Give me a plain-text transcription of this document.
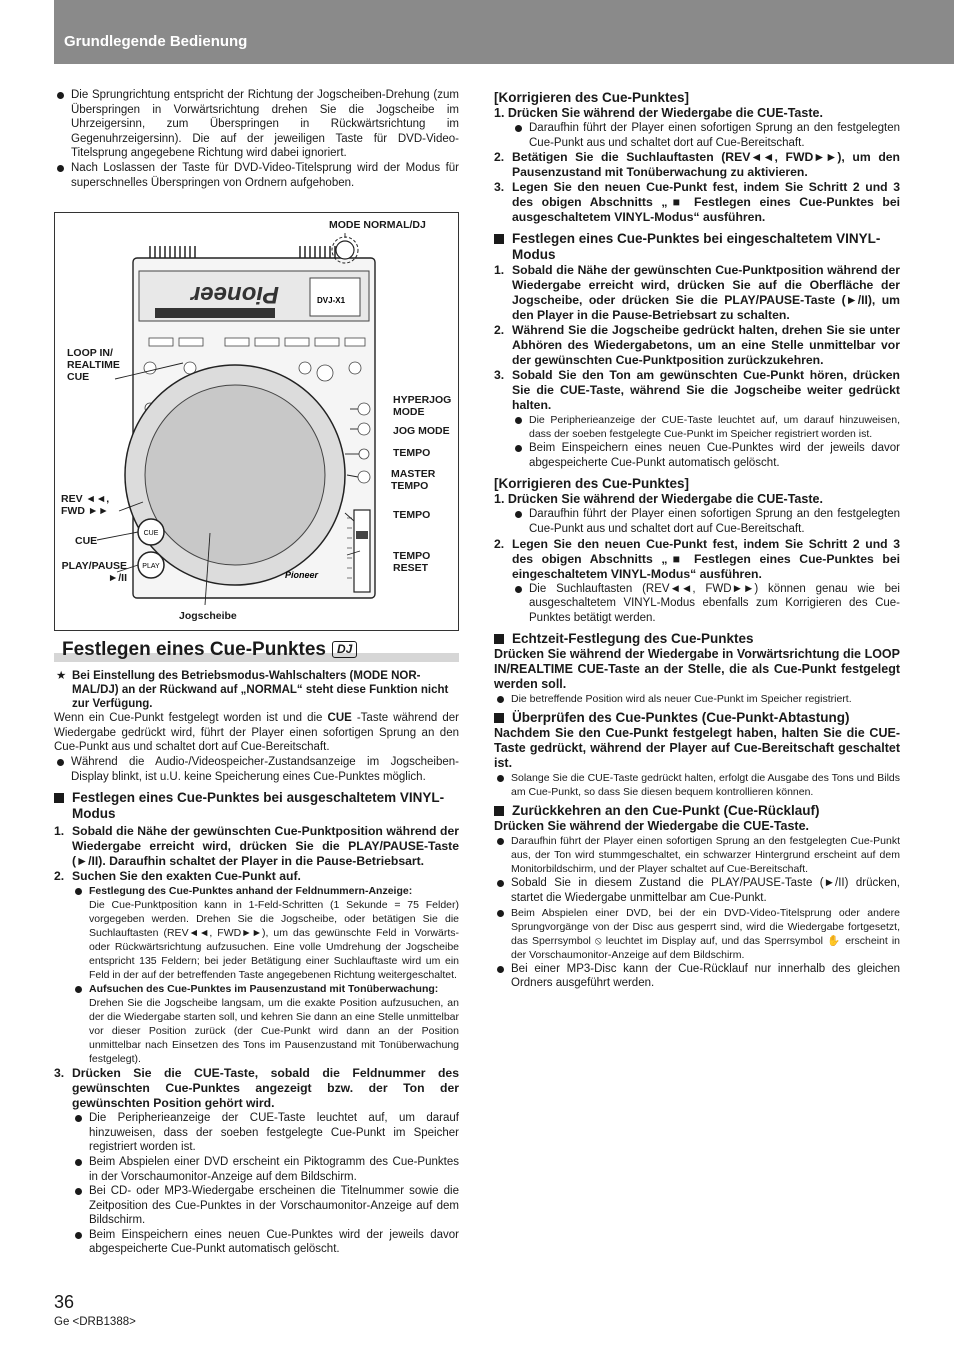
Grundlegende Bedienung

Die Sprungrichtung entspricht der Richtung der Jogscheiben-Drehung (zum Überspringen in Vorwärtsrichtung drehen Sie die Jogscheibe im Uhrzeigersinn, zum Überspringen in Rückwärtsrichtung im Gegenuhrzeigersinn). Die auf der jeweiligen Taste für DVD-Video-Titelsprung angegebene Richtung wird dabei ignoriert.

Nach Loslassen der Taste für DVD-Video-Titelsprung wird der Modus für superschnelles Überspringen von Ordnern aufgehoben.

CUE
PLAY
Pioneer
Pioneer	DVJ-X1
MODE NORMAL/DJ
LOOP IN/ REALTIME CUE
HYPERJOG MODE
JOG MODE
TEMPO
MASTER TEMPO
REV ◄◄, FWD ►►	TEMPO
CUE
TEMPO RESET
PLAY/PAUSE ►/II
Jogscheibe
Festlegen eines Cue-Punktes DJ

★ Bei Einstellung des Betriebsmodus-Wahlschalters (MODE NOR-MAL/DJ) an der Rückwand auf „NORMAL“ steht diese Funktion nicht zur Verfügung.

Wenn ein Cue-Punkt festgelegt worden ist und die CUE -Taste während der Wiedergabe gedrückt wird, führt der Player einen sofortigen Sprung an den Cue-Punkt aus und schaltet dort auf Cue-Bereitschaft.

Während die Audio-/Videospeicher-Zustandsanzeige im Jogscheiben-Display blinkt, ist u.U. keine Speicherung eines Cue-Punktes möglich.

Festlegen eines Cue-Punktes bei ausgeschaltetem VINYL-Modus

1. Sobald die Nähe der gewünschten Cue-Punktposition während der Wiedergabe erreicht wird, drücken Sie die PLAY/PAUSE-Taste (►/II). Daraufhin schaltet der Player in die Pause-Betriebsart.

2. Suchen Sie den exakten Cue-Punkt auf.

Festlegung des Cue-Punktes anhand der Feldnummern-Anzeige:
Die Cue-Punktposition kann in 1-Feld-Schritten (1 Sekunde = 75 Felder) vorgegeben werden. Drehen Sie die Jogscheibe, oder betätigen Sie die Suchlauftasten (REV◄◄, FWD►►), um das gewünschte Feld in Vorwärts- oder Rückwärtsrichtung aufzusuchen. Eine volle Umdrehung der Jogscheibe entspricht 135 Feldern; bei jeder Betätigung einer Suchlauftaste wird um ein Feld in der auf der betreffenden Taste angegebenen Richtung weitergeschaltet.

Aufsuchen des Cue-Punktes im Pausenzustand mit Tonüberwachung:
Drehen Sie die Jogscheibe langsam, um die exakte Position aufzusuchen, an der die Wiedergabe starten soll, und kehren Sie dann an eine Stelle unmittelbar vor dieser Position zurück (der Cue-Punkt wird dann an der Position unmittelbar nach Einsetzen des Tons im Pausenzustand mit Tonüberwachung festgelegt).

3. Drücken Sie die CUE-Taste, sobald die Feldnummer des gewünschten Cue-Punktes angezeigt bzw. der Ton der gewünschten Position gehört wird.

Die Peripherieanzeige der CUE-Taste leuchtet auf, um darauf hinzuweisen, dass der soeben festgelegte Cue-Punkt im Speicher registriert worden ist.

Beim Abspielen einer DVD erscheint ein Piktogramm des Cue-Punktes in der Vorschaumonitor-Anzeige auf dem Bildschirm.

Bei CD- oder MP3-Wiedergabe erscheinen die Titelnummer sowie die Zeitposition des Cue-Punktes in der Vorschaumonitor-Anzeige auf dem Bildschirm.

Beim Einspeichern eines neuen Cue-Punktes wird der jeweils davor abgespeicherte Cue-Punkt automatisch gelöscht.

[Korrigieren des Cue-Punktes]

1. Drücken Sie während der Wiedergabe die CUE-Taste.

Daraufhin führt der Player einen sofortigen Sprung an den festgelegten Cue-Punkt aus und schaltet dort auf Cue-Bereitschaft.

2. Betätigen Sie die Suchlauftasten (REV◄◄, FWD►►), um den Pausenzustand mit Tonüberwachung zu aktivieren.

3. Legen Sie den neuen Cue-Punkt fest, indem Sie Schritt 2 und 3 des obigen Abschnitts „■ Festlegen eines Cue-Punktes bei ausgeschaltetem VINYL-Modus“ ausführen.

Festlegen eines Cue-Punktes bei eingeschaltetem VINYL-Modus

1. Sobald die Nähe der gewünschten Cue-Punktposition während der Wiedergabe erreicht wird, drücken Sie auf die Oberfläche der Jogscheibe, oder drücken Sie die PLAY/PAUSE-Taste (►/II), um den Player in die Pause-Betriebsart zu schalten.

2. Während Sie die Jogscheibe gedrückt halten, drehen Sie sie unter Abhören des Wiedergabetons, um an eine Stelle unmittelbar vor der gewünschten Cue-Punktposition zurückzukehren.

3. Sobald Sie den Ton am gewünschten Cue-Punkt hören, drücken Sie die CUE-Taste, während Sie die Jogscheibe weiter gedrückt halten.

Die Peripherieanzeige der CUE-Taste leuchtet auf, um darauf hinzuweisen, dass der soeben festgelegte Cue-Punkt im Speicher registriert worden ist.

Beim Einspeichern eines neuen Cue-Punktes wird der jeweils davor abgespeicherte Cue-Punkt automatisch gelöscht.

[Korrigieren des Cue-Punktes]

1. Drücken Sie während der Wiedergabe die CUE-Taste.

Daraufhin führt der Player einen sofortigen Sprung an den festgelegten Cue-Punkt aus und schaltet dort auf Cue-Bereitschaft.

2. Legen Sie den neuen Cue-Punkt fest, indem Sie Schritt 2 und 3 des obigen Abschnitts „■ Festlegen eines Cue-Punktes bei eingeschaltetem VINYL-Modus“ ausführen.

Die Suchlauftasten (REV◄◄, FWD►►) können genau wie bei ausgeschaltetem VINYL-Modus ebenfalls zum Korrigieren des Cue-Punktes betätigt werden.

Echtzeit-Festlegung des Cue-Punktes

Drücken Sie während der Wiedergabe in Vorwärtsrichtung die LOOP IN/REALTIME CUE-Taste an der Stelle, die als Cue-Punkt festgelegt werden soll.

Die betreffende Position wird als neuer Cue-Punkt im Speicher registriert.

Überprüfen des Cue-Punktes (Cue-Punkt-Abtastung)

Nachdem Sie den Cue-Punkt festgelegt haben, halten Sie die CUE-Taste gedrückt, während der Player auf Cue-Bereitschaft geschaltet ist.

Solange Sie die CUE-Taste gedrückt halten, erfolgt die Ausgabe des Tons und Bilds am Cue-Punkt, so dass Sie diesen bequem kontrollieren können.

Zurückkehren an den Cue-Punkt (Cue-Rücklauf)

Drücken Sie während der Wiedergabe die CUE-Taste.

Daraufhin führt der Player einen sofortigen Sprung an den festgelegten Cue-Punkt aus, der Ton wird stummgeschaltet, ein schwarzer Hintergrund erscheint auf dem Monitorbildschirm, und der Player schaltet auf Cue-Bereitschaft.

Sobald Sie in diesem Zustand die PLAY/PAUSE-Taste (►/II) drücken, startet die Wiedergabe unmittelbar am Cue-Punkt.

Beim Abspielen einer DVD, bei der ein DVD-Video-Titelsprung oder andere Sprungvorgänge von der Disc aus gesperrt sind, wird die Wiedergabe fortgesetzt, das Sperrsymbol ⦸ leuchtet im Display auf, und das Sperrsymbol ✋ erscheint in der Vorschaumonitor-Anzeige auf dem Bildschirm.

Bei einer MP3-Disc kann der Cue-Rücklauf nur innerhalb des gleichen Ordners ausgeführt werden.

36
Ge <DRB1388>
